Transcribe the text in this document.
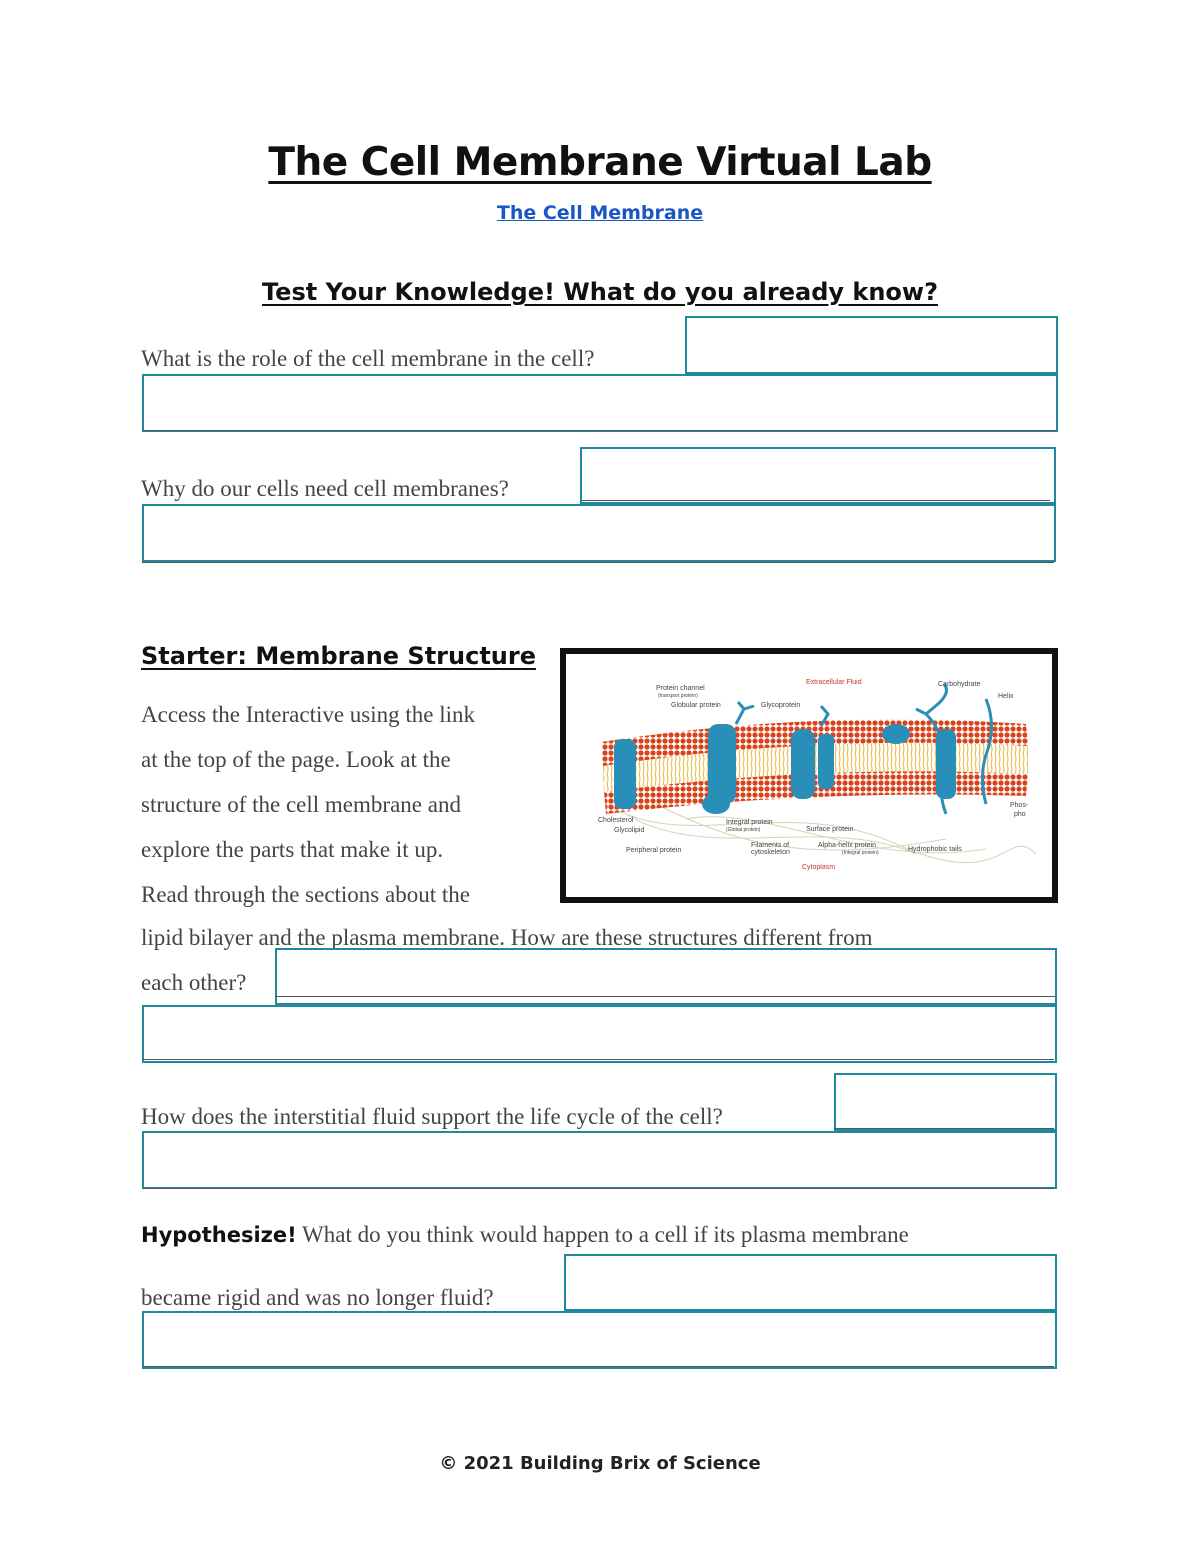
The Cell Membrane Virtual Lab
The Cell Membrane
Test Your Knowledge! What do you already know?
What is the role of the cell membrane in the cell?
Why do our cells need cell membranes?
Starter: Membrane Structure
Access the Interactive using the link
at the top of the page. Look at the
structure of the cell membrane and
explore the parts that make it up.
Read through the sections about the
Protein channel
(transport protein)
Globular protein	Glycoprotein
Extracellular Fluid	Carbohydrate
Helix
Cholesterol
Glycolipid
Peripheral protein
Integral protein
(Global protein)	Surface protein
Filaments of
cytoskeleton
Alpha-helix protein
(Integral protein)	Hydrophobic tails
Phos-
pho
Cytoplasm
lipid bilayer and the plasma membrane. How are these structures different from
each other?
How does the interstitial fluid support the life cycle of the cell?
Hypothesize! What do you think would happen to a cell if its plasma membrane
became rigid and was no longer fluid?
© 2021 Building Brix of Science
